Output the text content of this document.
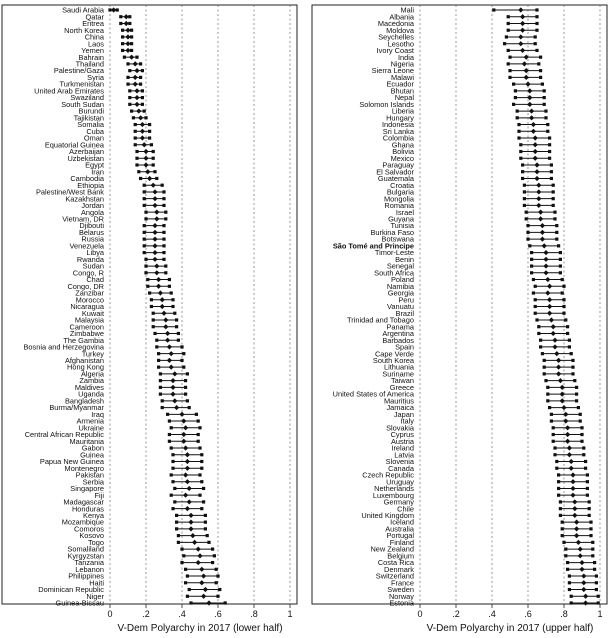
0	.2	.4	.6	.8	1
V-Dem Polyarchy in 2017 (lower half)
Saudi Arabia
Qatar
Eritrea
North Korea
China
Laos
Yemen
Bahrain
Thailand
Palestine/Gaza
Syria
Turkmenistan
United Arab Emirates
Swaziland
South Sudan
Burundi
Tajikistan
Somalia
Cuba
Oman
Equatorial Guinea
Azerbaijan
Uzbekistan
Egypt
Iran
Cambodia
Ethiopia
Palestine/West Bank
Kazakhstan
Jordan
Angola
Vietnam, DR
Djibouti
Belarus
Russia
Venezuela
Libya
Rwanda
Sudan
Congo, R
Chad
Congo, DR
Zanzibar
Morocco
Nicaragua
Kuwait
Malaysia
Cameroon
Zimbabwe
The Gambia
Bosnia and Herzegovina
Turkey
Afghanistan
Hong Kong
Algeria
Zambia
Maldives
Uganda
Bangladesh
Burma/Myanmar
Iraq
Armenia
Ukraine
Central African Republic
Mauritania
Gabon
Guinea
Papua New Guinea
Montenegro
Pakistan
Serbia
Singapore
Fiji
Madagascar
Honduras
Kenya
Mozambique
Comoros
Kosovo
Togo
Somaliland
Kyrgyzstan
Tanzania
Lebanon
Philippines
Haiti
Dominican Republic
Niger
Guinea-Bissau
0	.2	.4	.6	.8	1
V-Dem Polyarchy in 2017 (upper half)
Mali
Albania
Macedonia
Moldova
Seychelles
Lesotho
Ivory Coast
India
Nigeria
Sierra Leone
Malawi
Ecuador
Bhutan
Nepal
Solomon Islands
Liberia
Hungary
Indonesia
Sri Lanka
Colombia
Ghana
Bolivia
Mexico
Paraguay
El Salvador
Guatemala
Croatia
Bulgaria
Mongolia
Romania
Israel
Guyana
Tunisia
Burkina Faso
Botswana
São Tomé and Principe
Timor-Leste
Benin
Senegal
South Africa
Poland
Namibia
Georgia
Peru
Vanuatu
Brazil
Trinidad and Tobago
Panama
Argentina
Barbados
Spain
Cape Verde
South Korea
Lithuania
Suriname
Taiwan
Greece
United States of America
Mauritius
Jamaica
Japan
Italy
Slovakia
Cyprus
Austria
Ireland
Latvia
Slovenia
Canada
Czech Republic
Uruguay
Netherlands
Luxembourg
Germany
Chile
United Kingdom
Iceland
Australia
Portugal
Finland
New Zealand
Belgium
Costa Rica
Denmark
Switzerland
France
Sweden
Norway
Estonia
